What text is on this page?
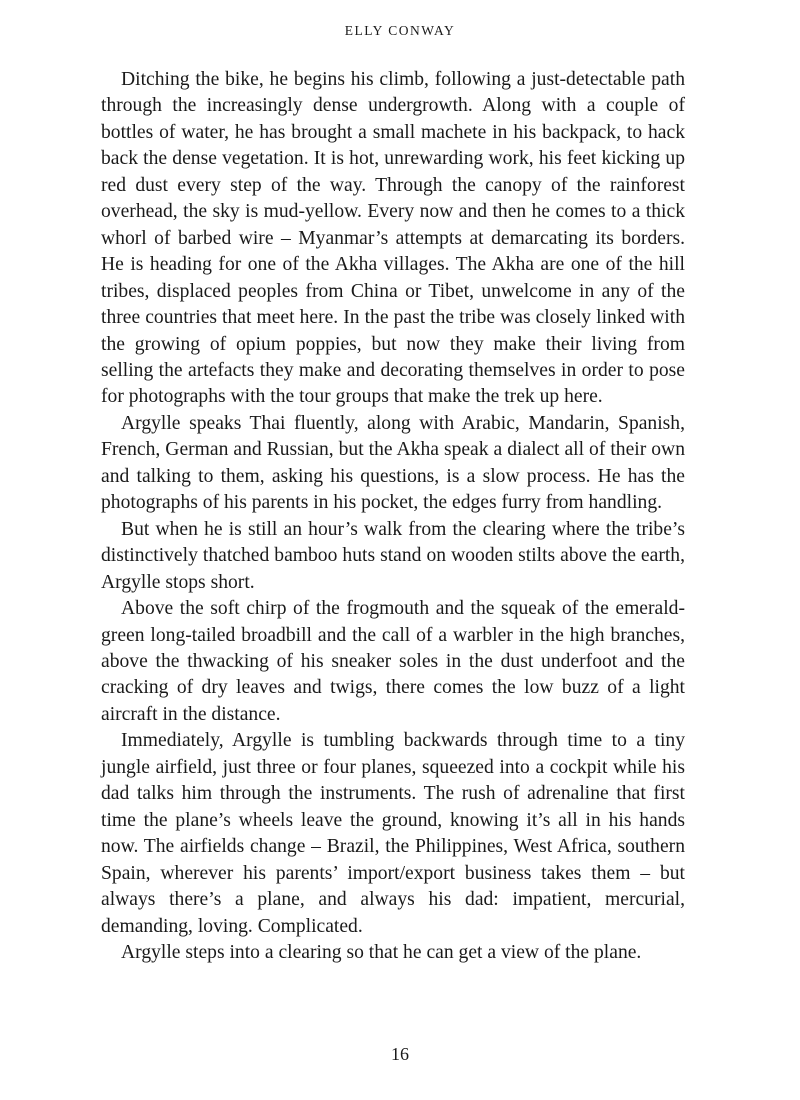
ELLY CONWAY

Ditching the bike, he begins his climb, following a just-detectable path through the increasingly dense undergrowth. Along with a couple of bottles of water, he has brought a small machete in his backpack, to hack back the dense vegetation. It is hot, unrewarding work, his feet kicking up red dust every step of the way. Through the canopy of the rainforest overhead, the sky is mud-yellow. Every now and then he comes to a thick whorl of barbed wire – Myanmar’s attempts at demarcating its borders. He is heading for one of the Akha villages. The Akha are one of the hill tribes, displaced peoples from China or Tibet, unwelcome in any of the three countries that meet here. In the past the tribe was closely linked with the growing of opium poppies, but now they make their living from selling the artefacts they make and decorating themselves in order to pose for photographs with the tour groups that make the trek up here.

Argylle speaks Thai fluently, along with Arabic, Mandarin, Spanish, French, German and Russian, but the Akha speak a dialect all of their own and talking to them, asking his questions, is a slow process. He has the photographs of his parents in his pocket, the edges furry from handling.

But when he is still an hour’s walk from the clearing where the tribe’s distinctively thatched bamboo huts stand on wooden stilts above the earth, Argylle stops short.

Above the soft chirp of the frogmouth and the squeak of the emerald-green long-tailed broadbill and the call of a warbler in the high branches, above the thwacking of his sneaker soles in the dust underfoot and the cracking of dry leaves and twigs, there comes the low buzz of a light aircraft in the distance.

Immediately, Argylle is tumbling backwards through time to a tiny jungle airfield, just three or four planes, squeezed into a cockpit while his dad talks him through the instruments. The rush of adrenaline that first time the plane’s wheels leave the ground, knowing it’s all in his hands now. The airfields change – Brazil, the Philippines, West Africa, southern Spain, wherever his parents’ import/export business takes them – but always there’s a plane, and always his dad: impatient, mercurial, demanding, loving. Complicated.

Argylle steps into a clearing so that he can get a view of the plane.

16
